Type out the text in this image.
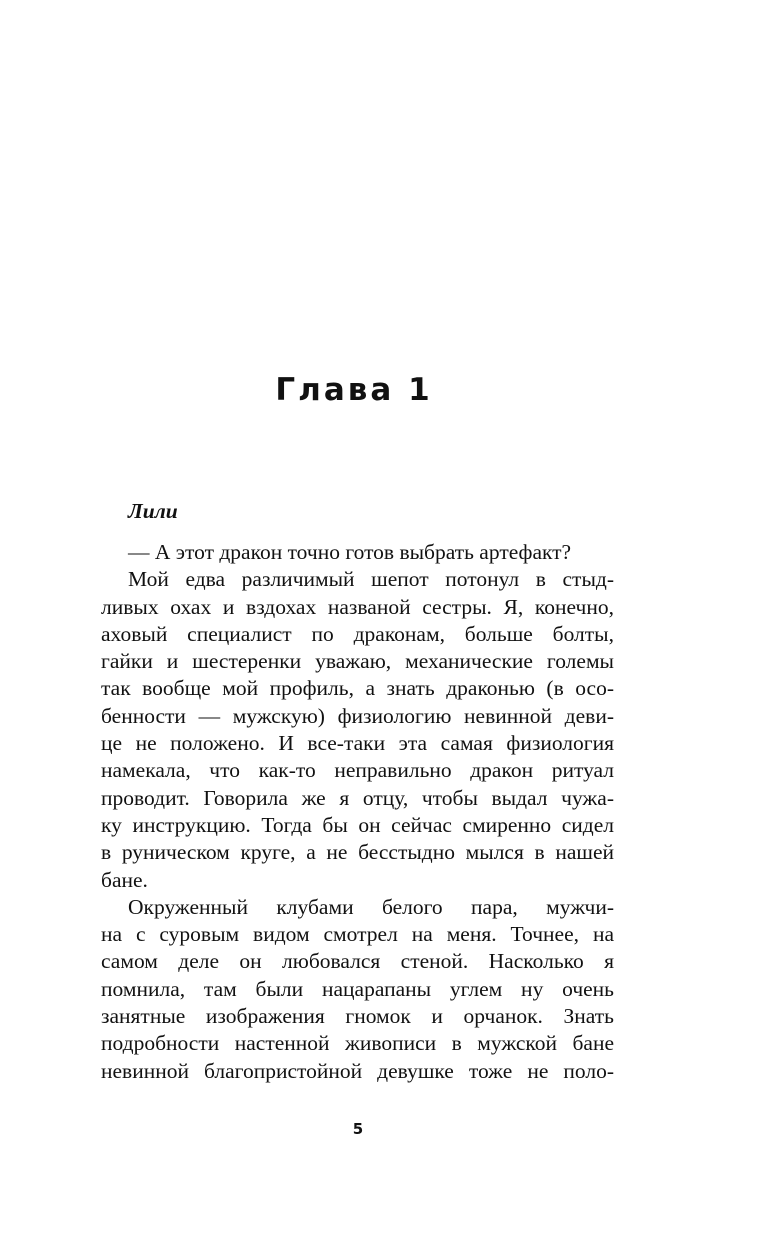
Глава 1
Лили
— А этот дракон точно готов выбрать артефакт?
Мой едва различимый шепот потонул в стыд-
ливых охах и вздохах названой сестры. Я, конечно,
аховый специалист по драконам, больше болты,
гайки и шестеренки уважаю, механические големы
так вообще мой профиль, а знать драконью (в осо-
бенности — мужскую) физиологию невинной деви-
це не положено. И все-таки эта самая физиология
намекала, что как-то неправильно дракон ритуал
проводит. Говорила же я отцу, чтобы выдал чужа-
ку инструкцию. Тогда бы он сейчас смиренно сидел
в руническом круге, а не бесстыдно мылся в нашей
бане.
Окруженный клубами белого пара, мужчи-
на с суровым видом смотрел на меня. Точнее, на
самом деле он любовался стеной. Насколько я
помнила, там были нацарапаны углем ну очень
занятные изображения гномок и орчанок. Знать
подробности настенной живописи в мужской бане
невинной благопристойной девушке тоже не поло-
5
